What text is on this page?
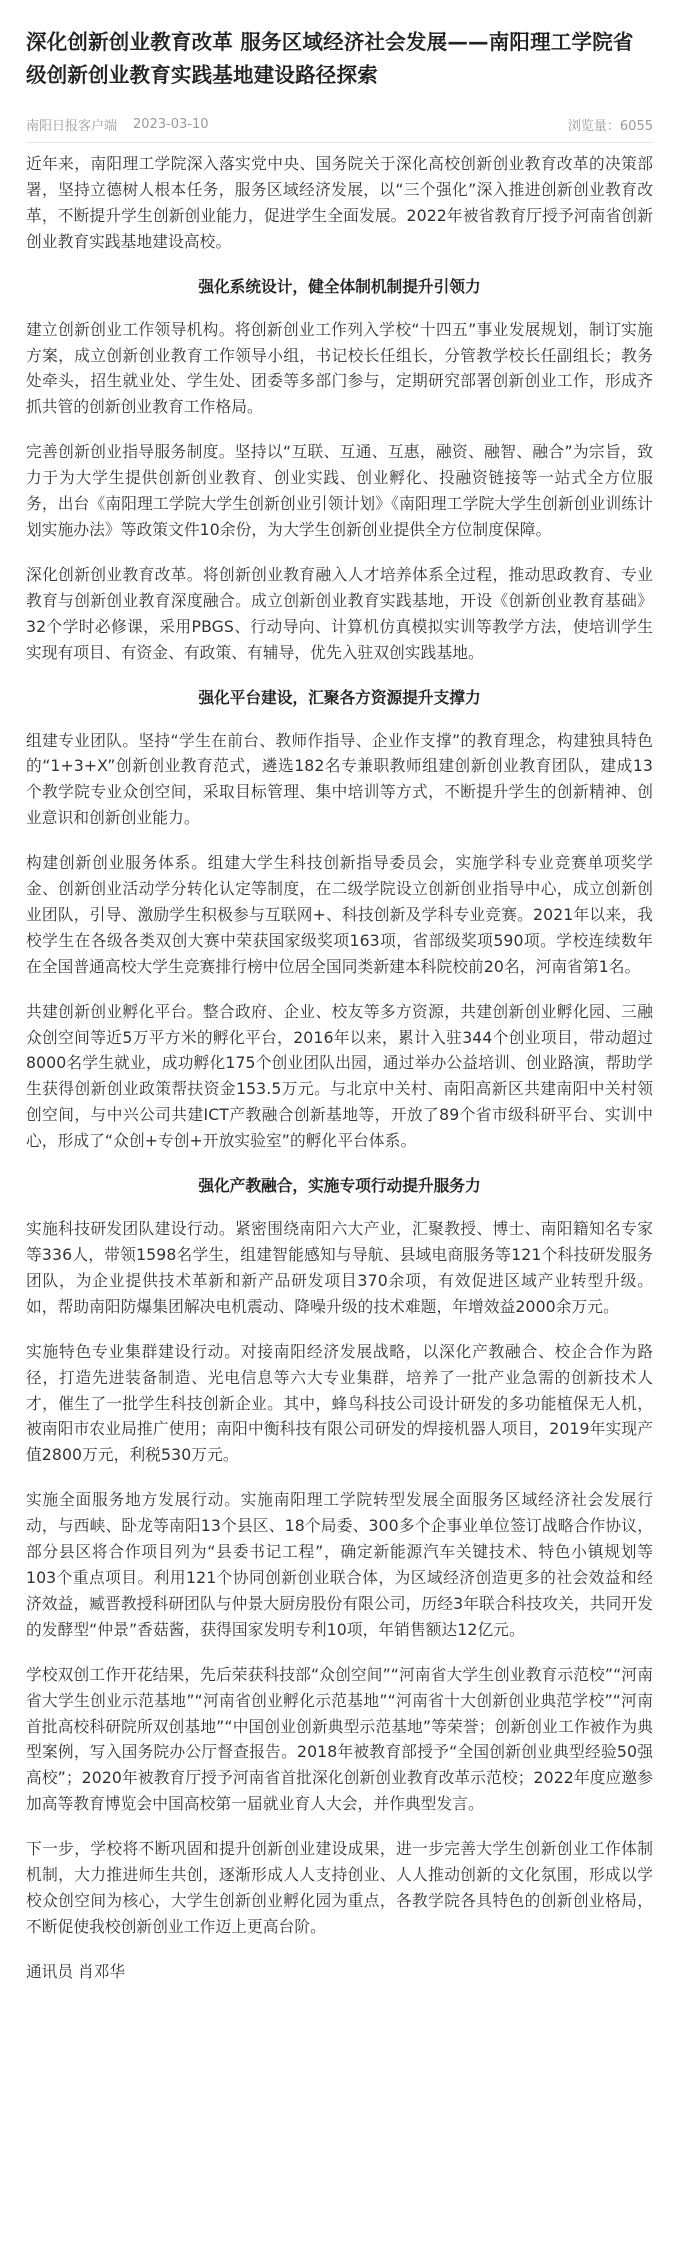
深化创新创业教育改革 服务区域经济社会发展——南阳理工学院省级创新创业教育实践基地建设路径探索
南阳日报客户端 2023-03-10	浏览量：6055

近年来，南阳理工学院深入落实党中央、国务院关于深化高校创新创业教育改革的决策部署，坚持立德树人根本任务，服务区域经济发展，以“三个强化”深入推进创新创业教育改革，不断提升学生创新创业能力，促进学生全面发展。2022年被省教育厅授予河南省创新创业教育实践基地建设高校。

强化系统设计，健全体制机制提升引领力

建立创新创业工作领导机构。将创新创业工作列入学校“十四五”事业发展规划，制订实施方案，成立创新创业教育工作领导小组，书记校长任组长，分管教学校长任副组长；教务处牵头，招生就业处、学生处、团委等多部门参与，定期研究部署创新创业工作，形成齐抓共管的创新创业教育工作格局。

完善创新创业指导服务制度。坚持以“互联、互通、互惠，融资、融智、融合”为宗旨，致力于为大学生提供创新创业教育、创业实践、创业孵化、投融资链接等一站式全方位服务，出台《南阳理工学院大学生创新创业引领计划》《南阳理工学院大学生创新创业训练计划实施办法》等政策文件10余份，为大学生创新创业提供全方位制度保障。

深化创新创业教育改革。将创新创业教育融入人才培养体系全过程，推动思政教育、专业教育与创新创业教育深度融合。成立创新创业教育实践基地，开设《创新创业教育基础》32个学时必修课，采用PBGS、行动导向、计算机仿真模拟实训等教学方法，使培训学生实现有项目、有资金、有政策、有辅导，优先入驻双创实践基地。

强化平台建设，汇聚各方资源提升支撑力

组建专业团队。坚持“学生在前台、教师作指导、企业作支撑”的教育理念，构建独具特色的“1+3+X”创新创业教育范式，遴选182名专兼职教师组建创新创业教育团队，建成13个教学院专业众创空间，采取目标管理、集中培训等方式，不断提升学生的创新精神、创业意识和创新创业能力。

构建创新创业服务体系。组建大学生科技创新指导委员会，实施学科专业竞赛单项奖学金、创新创业活动学分转化认定等制度，在二级学院设立创新创业指导中心，成立创新创业团队，引导、激励学生积极参与互联网+、科技创新及学科专业竞赛。2021年以来，我校学生在各级各类双创大赛中荣获国家级奖项163项，省部级奖项590项。学校连续数年在全国普通高校大学生竞赛排行榜中位居全国同类新建本科院校前20名，河南省第1名。

共建创新创业孵化平台。整合政府、企业、校友等多方资源，共建创新创业孵化园、三融众创空间等近5万平方米的孵化平台，2016年以来，累计入驻344个创业项目，带动超过8000名学生就业，成功孵化175个创业团队出园，通过举办公益培训、创业路演，帮助学生获得创新创业政策帮扶资金153.5万元。与北京中关村、南阳高新区共建南阳中关村领创空间，与中兴公司共建ICT产教融合创新基地等，开放了89个省市级科研平台、实训中心，形成了“众创+专创+开放实验室”的孵化平台体系。

强化产教融合，实施专项行动提升服务力

实施科技研发团队建设行动。紧密围绕南阳六大产业，汇聚教授、博士、南阳籍知名专家等336人，带领1598名学生，组建智能感知与导航、县域电商服务等121个科技研发服务团队，为企业提供技术革新和新产品研发项目370余项，有效促进区域产业转型升级。如，帮助南阳防爆集团解决电机震动、降噪升级的技术难题，年增效益2000余万元。

实施特色专业集群建设行动。对接南阳经济发展战略，以深化产教融合、校企合作为路径，打造先进装备制造、光电信息等六大专业集群，培养了一批产业急需的创新技术人才，催生了一批学生科技创新企业。其中，蜂鸟科技公司设计研发的多功能植保无人机，被南阳市农业局推广使用；南阳中衡科技有限公司研发的焊接机器人项目，2019年实现产值2800万元，利税530万元。

实施全面服务地方发展行动。实施南阳理工学院转型发展全面服务区域经济社会发展行动，与西峡、卧龙等南阳13个县区、18个局委、300多个企事业单位签订战略合作协议，部分县区将合作项目列为“县委书记工程”，确定新能源汽车关键技术、特色小镇规划等103个重点项目。利用121个协同创新创业联合体，为区域经济创造更多的社会效益和经济效益，臧晋教授科研团队与仲景大厨房股份有限公司，历经3年联合科技攻关，共同开发的发酵型“仲景”香菇酱，获得国家发明专利10项，年销售额达12亿元。

学校双创工作开花结果，先后荣获科技部“众创空间”“河南省大学生创业教育示范校”“河南省大学生创业示范基地”“河南省创业孵化示范基地”“河南省十大创新创业典范学校”“河南首批高校科研院所双创基地”“中国创业创新典型示范基地”等荣誉；创新创业工作被作为典型案例，写入国务院办公厅督查报告。2018年被教育部授予“全国创新创业典型经验50强高校”；2020年被教育厅授予河南省首批深化创新创业教育改革示范校；2022年度应邀参加高等教育博览会中国高校第一届就业育人大会，并作典型发言。

下一步，学校将不断巩固和提升创新创业建设成果，进一步完善大学生创新创业工作体制机制，大力推进师生共创，逐渐形成人人支持创业、人人推动创新的文化氛围，形成以学校众创空间为核心，大学生创新创业孵化园为重点，各教学院各具特色的创新创业格局，不断促使我校创新创业工作迈上更高台阶。

通讯员 肖邓华
